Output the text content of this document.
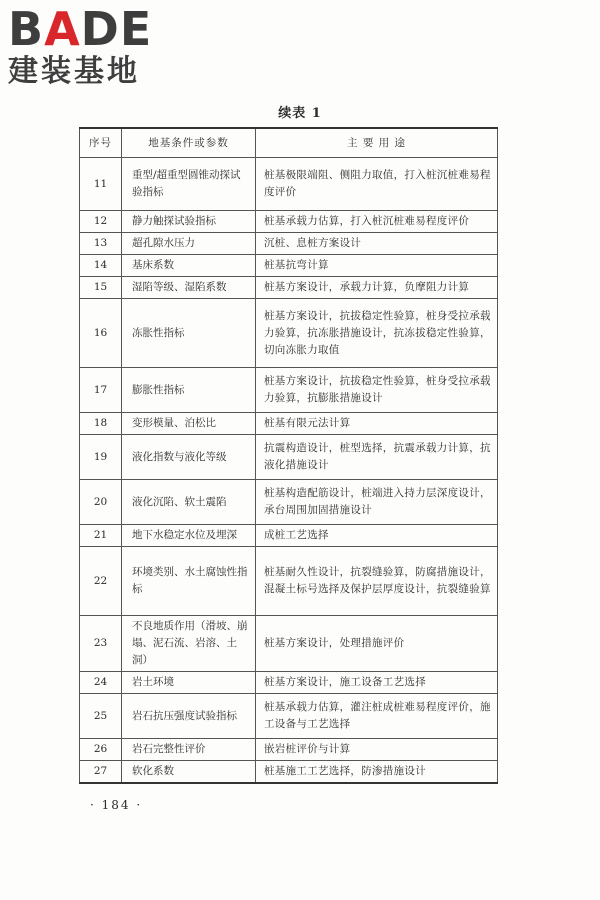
BADE
建装基地
续表 1
序号	地基条件或参数	主 要 用 途
11	重型/超重型圆锥动探试验指标	桩基极限端阻、侧阻力取值，打入桩沉桩难易程度评价
12	静力触探试验指标	桩基承载力估算，打入桩沉桩难易程度评价
13	超孔隙水压力	沉桩、息桩方案设计
14	基床系数	桩基抗弯计算
15	湿陷等级、湿陷系数	桩基方案设计，承载力计算，负摩阻力计算
16	冻胀性指标	桩基方案设计，抗拔稳定性验算，桩身受拉承载力验算，抗冻胀措施设计，抗冻拔稳定性验算，切向冻胀力取值
17	膨胀性指标	桩基方案设计，抗拔稳定性验算，桩身受拉承载力验算，抗膨胀措施设计
18	变形模量、泊松比	桩基有限元法计算
19	液化指数与液化等级	抗震构造设计，桩型选择，抗震承载力计算，抗液化措施设计
20	液化沉陷、软土震陷	桩基构造配筋设计，桩端进入持力层深度设计，承台周围加固措施设计
21	地下水稳定水位及埋深	成桩工艺选择
22	环境类别、水土腐蚀性指标	桩基耐久性设计，抗裂缝验算，防腐措施设计，混凝土标号选择及保护层厚度设计，抗裂缝验算
23	不良地质作用（滑坡、崩塌、泥石流、岩溶、土洞）	桩基方案设计，处理措施评价
24	岩土环境	桩基方案设计，施工设备工艺选择
25	岩石抗压强度试验指标	桩基承载力估算，灌注桩成桩难易程度评价，施工设备与工艺选择
26	岩石完整性评价	嵌岩桩评价与计算
27	软化系数	桩基施工工艺选择，防渗措施设计
· 184 ·
